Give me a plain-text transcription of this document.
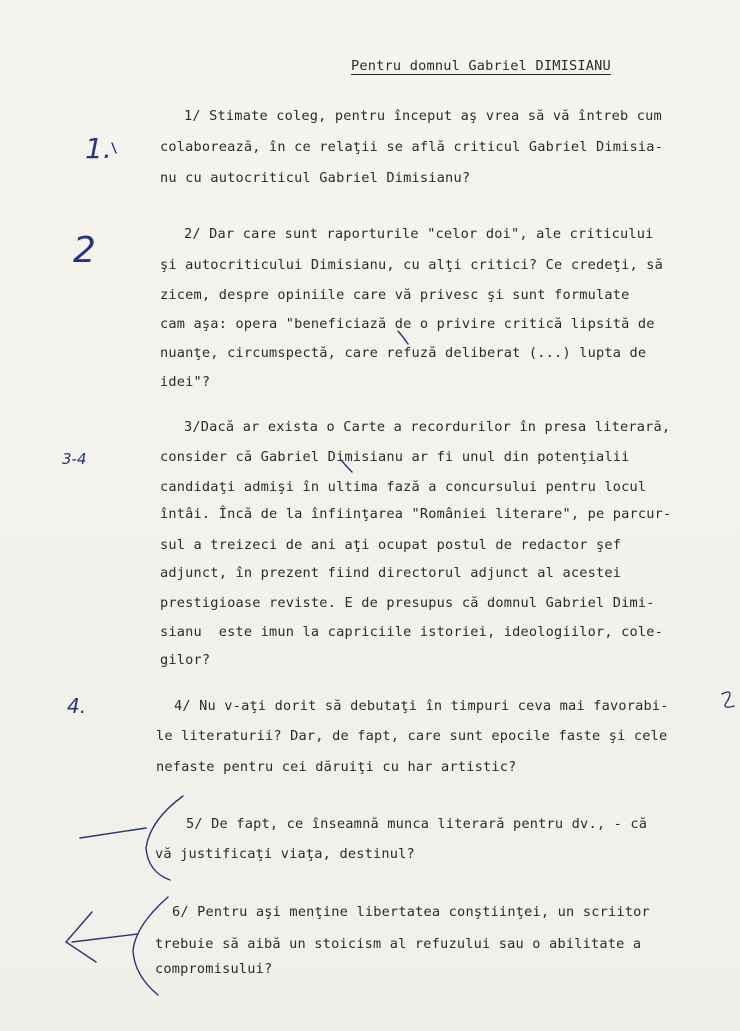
Pentru domnul Gabriel DIMISIANU
1.
2
3-4
4.
1/ Stimate coleg, pentru început aş vrea să vă întreb cum
colaborează, în ce relaţii se află criticul Gabriel Dimisia-
nu cu autocriticul Gabriel Dimisianu?
2/ Dar care sunt raporturile "celor doi", ale criticului
şi autocriticului Dimisianu, cu alţi critici? Ce credeţi, să
zicem, despre opiniile care vă privesc şi sunt formulate
cam aşa: opera "beneficiază de o privire critică lipsită de
nuanţe, circumspectă, care refuză deliberat (...) lupta de
idei"?
3/Dacă ar exista o Carte a recordurilor în presa literară,
consider că Gabriel Dimisianu ar fi unul din potenţialii
candidaţi admişi în ultima fază a concursului pentru locul
întâi. Încă de la înfiinţarea "României literare", pe parcur-
sul a treizeci de ani aţi ocupat postul de redactor şef
adjunct, în prezent fiind directorul adjunct al acestei
prestigioase reviste. E de presupus că domnul Gabriel Dimi-
sianu  este imun la capriciile istoriei, ideologiilor, cole-
gilor?
4/ Nu v-aţi dorit să debutaţi în timpuri ceva mai favorabi-
le literaturii? Dar, de fapt, care sunt epocile faste şi cele
nefaste pentru cei dăruiţi cu har artistic?
5/ De fapt, ce înseamnă munca literară pentru dv., - că
vă justificaţi viaţa, destinul?
6/ Pentru aşi menţine libertatea conştiinţei, un scriitor
trebuie să aibă un stoicism al refuzului sau o abilitate a
compromisului?
